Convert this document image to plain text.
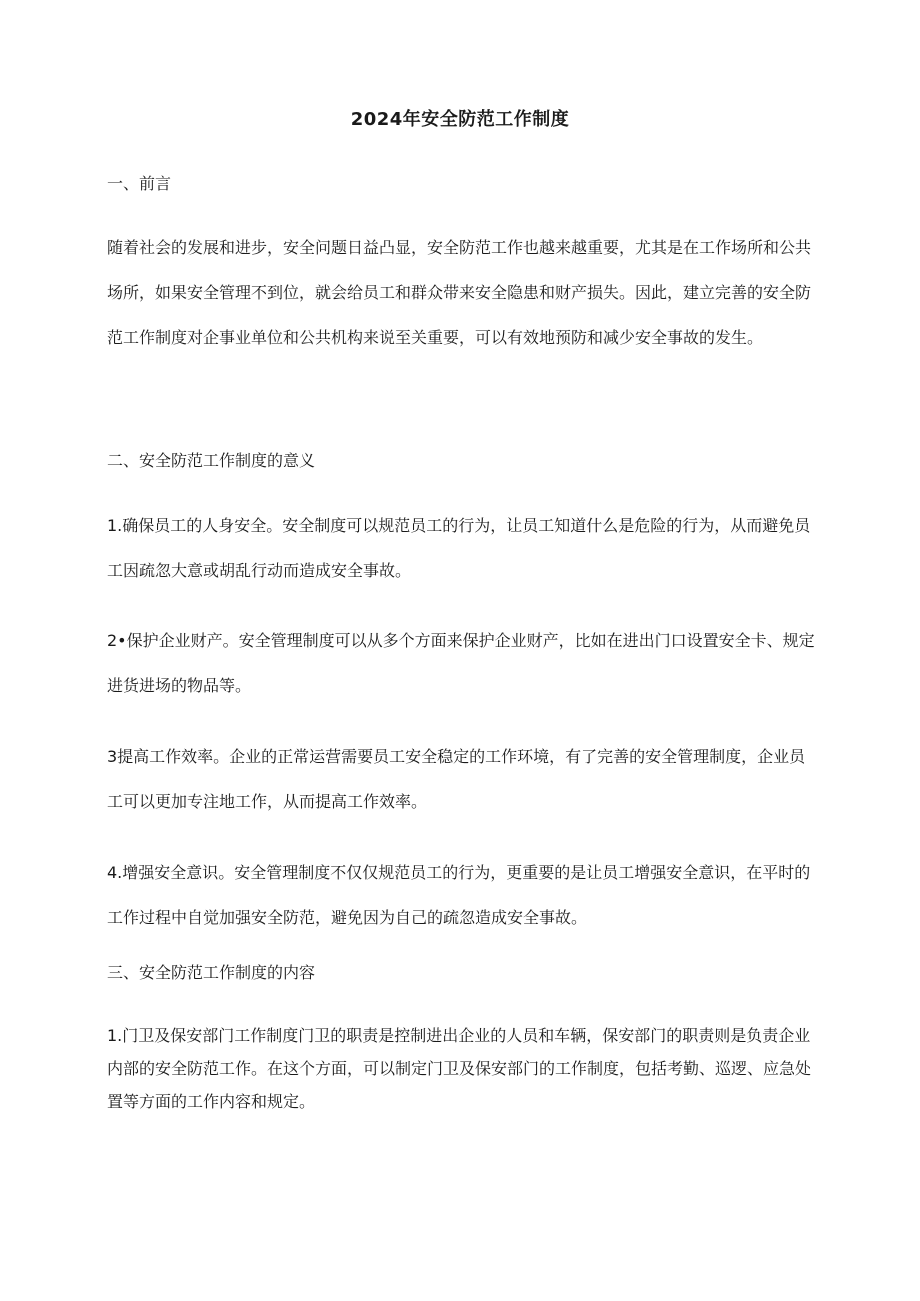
2024年安全防范工作制度

一、前言

随着社会的发展和进步，安全问题日益凸显，安全防范工作也越来越重要，尤其是在工作场所和公共场所，如果安全管理不到位，就会给员工和群众带来安全隐患和财产损失。因此，建立完善的安全防范工作制度对企事业单位和公共机构来说至关重要，可以有效地预防和减少安全事故的发生。

二、安全防范工作制度的意义

1.确保员工的人身安全。安全制度可以规范员工的行为，让员工知道什么是危险的行为，从而避免员工因疏忽大意或胡乱行动而造成安全事故。

2•保护企业财产。安全管理制度可以从多个方面来保护企业财产，比如在进出门口设置安全卡、规定进货进场的物品等。

3提高工作效率。企业的正常运营需要员工安全稳定的工作环境，有了完善的安全管理制度，企业员工可以更加专注地工作，从而提高工作效率。

4.增强安全意识。安全管理制度不仅仅规范员工的行为，更重要的是让员工增强安全意识，在平时的工作过程中自觉加强安全防范，避免因为自己的疏忽造成安全事故。

三、安全防范工作制度的内容

1.门卫及保安部门工作制度门卫的职责是控制进出企业的人员和车辆，保安部门的职责则是负责企业内部的安全防范工作。在这个方面，可以制定门卫及保安部门的工作制度，包括考勤、巡逻、应急处置等方面的工作内容和规定。
